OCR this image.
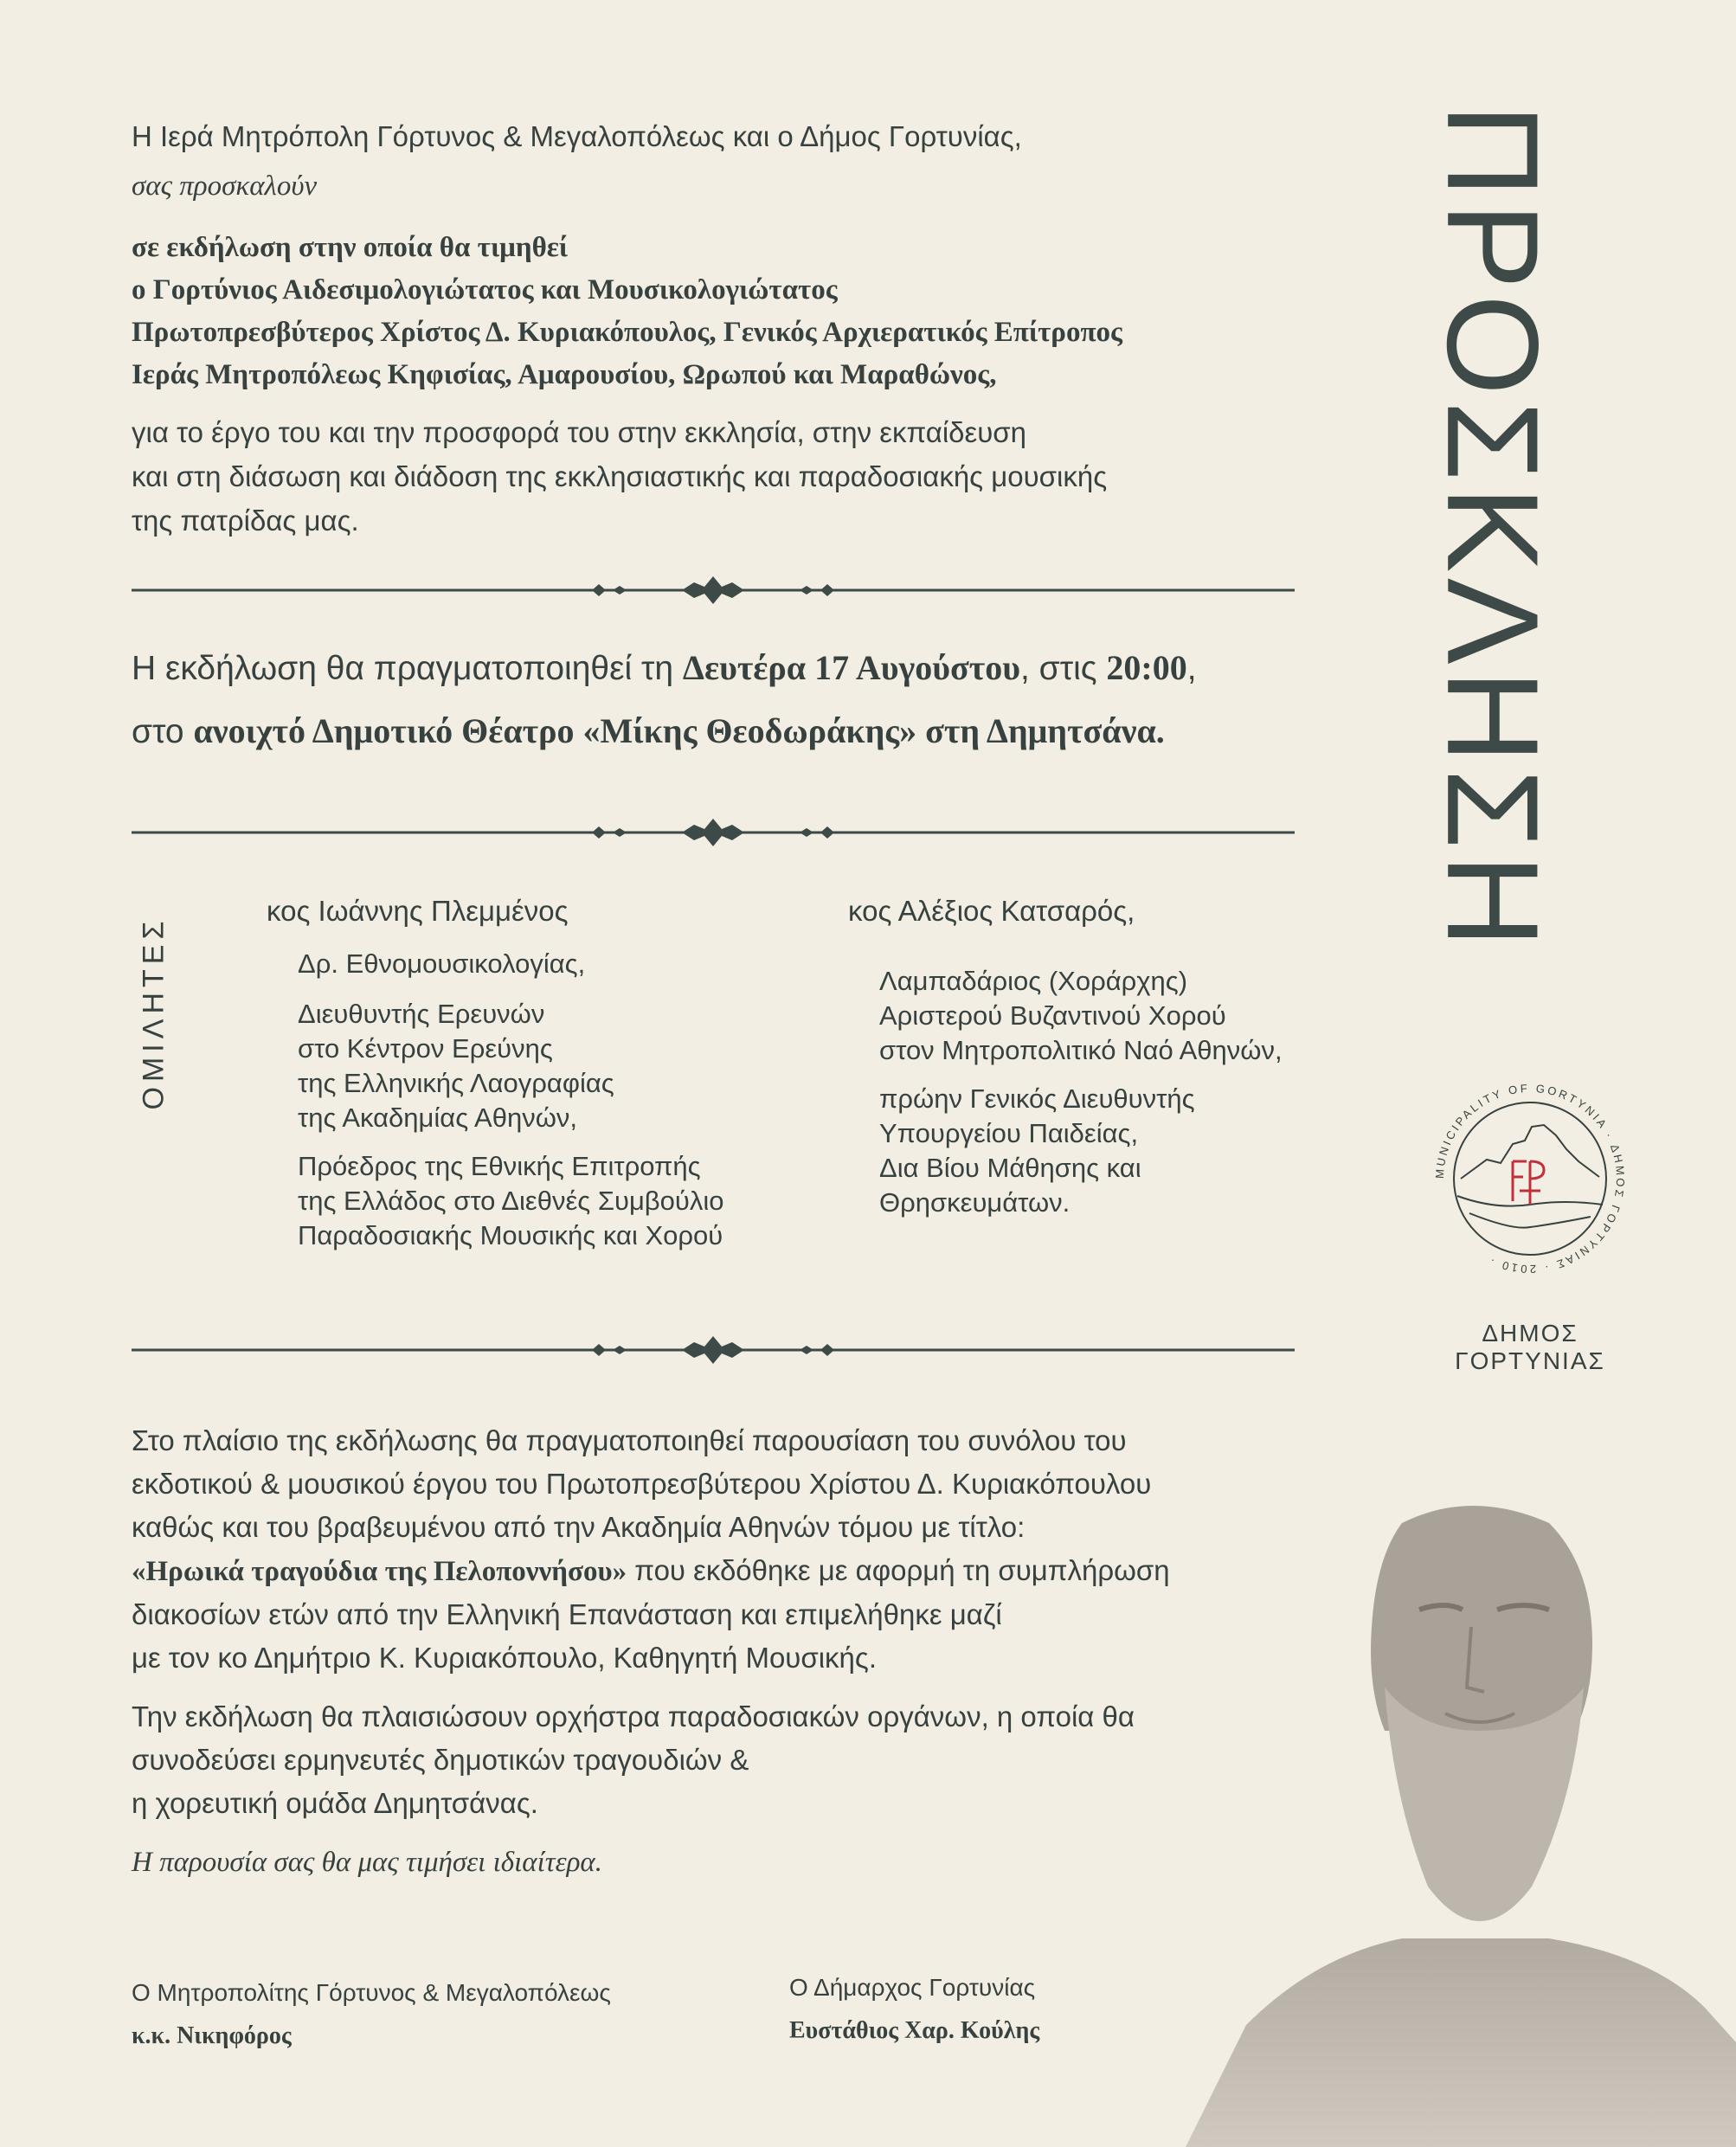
Η Ιερά Μητρόπολη Γόρτυνος & Μεγαλοπόλεως και ο Δήμος Γορτυνίας,

σας προσκαλούν

σε εκδήλωση στην οποία θα τιμηθεί
ο Γορτύνιος Αιδεσιμολογιώτατος και Μουσικολογιώτατος
Πρωτοπρεσβύτερος Χρίστος Δ. Κυριακόπουλος, Γενικός Αρχιερατικός Επίτροπος
Ιεράς Μητροπόλεως Κηφισίας, Αμαρουσίου, Ωρωπού και Μαραθώνος,

για το έργο του και την προσφορά του στην εκκλησία, στην εκπαίδευση

και στη διάσωση και διάδοση της εκκλησιαστικής και παραδοσιακής μουσικής

της πατρίδας μας.

Η εκδήλωση θα πραγματοποιηθεί τη Δευτέρα 17 Αυγούστου, στις 20:00,
στο ανοιχτό Δημοτικό Θέατρο «Μίκης Θεοδωράκης» στη Δημητσάνα.
ΟΜΙΛΗΤΕΣ
κος Ιωάννης Πλεμμένος

Δρ. Εθνομουσικολογίας,

Διευθυντής Ερευνών

στο Κέντρον Ερεύνης

της Ελληνικής Λαογραφίας

της Ακαδημίας Αθηνών,

Πρόεδρος της Εθνικής Επιτροπής

της Ελλάδος στο Διεθνές Συμβούλιο

Παραδοσιακής Μουσικής και Χορού

κος Αλέξιος Κατσαρός,

Λαμπαδάριος (Χοράρχης)

Αριστερού Βυζαντινού Χορού

στον Μητροπολιτικό Ναό Αθηνών,

πρώην Γενικός Διευθυντής

Υπουργείου Παιδείας,

Δια Βίου Μάθησης και

Θρησκευμάτων.

Στο πλαίσιο της εκδήλωσης θα πραγματοποιηθεί παρουσίαση του συνόλου του

εκδοτικού & μουσικού έργου του Πρωτοπρεσβύτερου Χρίστου Δ. Κυριακόπουλου

καθώς και του βραβευμένου από την Ακαδημία Αθηνών τόμου με τίτλο:

«Ηρωικά τραγούδια της Πελοποννήσου» που εκδόθηκε με αφορμή τη συμπλήρωση

διακοσίων ετών από την Ελληνική Επανάσταση και επιμελήθηκε μαζί

με τον κο Δημήτριο Κ. Κυριακόπουλο, Καθηγητή Μουσικής.

Την εκδήλωση θα πλαισιώσουν ορχήστρα παραδοσιακών οργάνων, η οποία θα

συνοδεύσει ερμηνευτές δημοτικών τραγουδιών &

η χορευτική ομάδα Δημητσάνας.

Η παρουσία σας θα μας τιμήσει ιδιαίτερα.

ΠΡΟΣΚΛΗΣΗ
MUNICIPALITY OF GORTYNIA · ΔΗΜΟΣ ΓΟΡΤΥΝΙΑΣ · 2010 ·
ΔΗΜΟΣ
ΓΟΡΤΥΝΙΑΣ
Ο Μητροπολίτης Γόρτυνος & Μεγαλοπόλεως
κ.κ. Νικηφόρος
Ο Δήμαρχος Γορτυνίας
Ευστάθιος Χαρ. Κούλης
